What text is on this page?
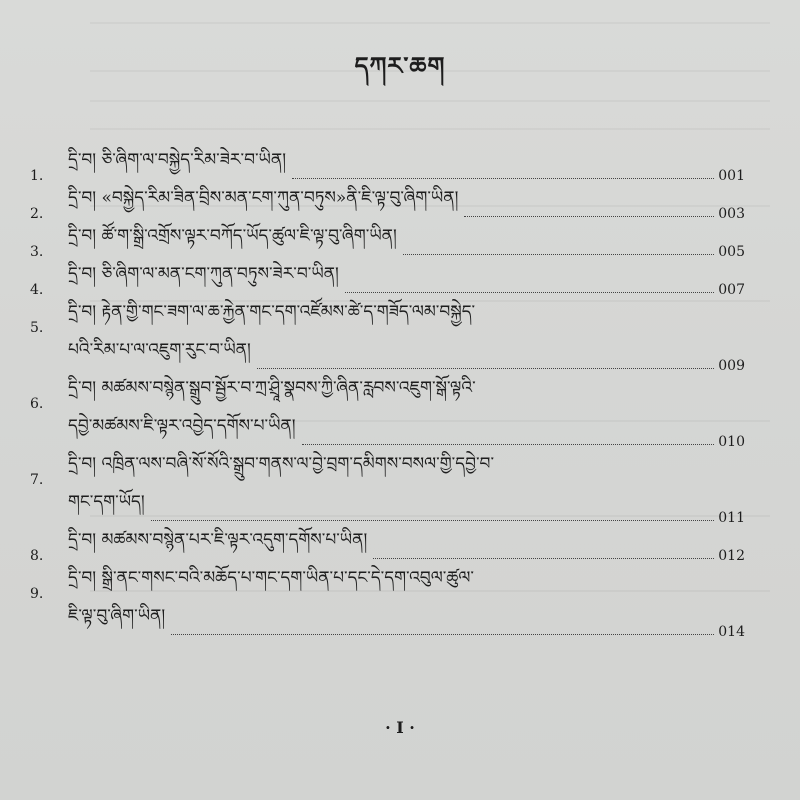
དཀར་ཆག
1.
དྲི་བ། ཅི་ཞིག་ལ་བསྐྱེད་རིམ་ཟེར་བ་ཡིན།
001
2.
དྲི་བ། «བསྐྱེད་རིམ་ཟིན་བྲིས་མན་ངག་ཀུན་བཏུས»ནི་ཇི་ལྟ་བུ་ཞིག་ཡིན།
003
3.
དྲི་བ། ཚོ་ག་སྒྲི་འགྲོས་ལྟར་བཀོད་ཡོད་ཚུལ་ཇི་ལྟ་བུ་ཞིག་ཡིན།
005
4.
དྲི་བ། ཅི་ཞིག་ལ་མན་ངག་ཀུན་བཏུས་ཟེར་བ་ཡིན།
007
5.
དྲི་བ། རྟེན་གྱི་གང་ཟག་ལ་ཆ་རྐྱེན་གང་དག་འཛོམས་ཚེ་ད་གཟོད་ལམ་བསྐྱེད་
པའི་རིམ་པ་ལ་འཇུག་རུང་བ་ཡིན།
009
6.
དྲི་བ། མཚམས་བསྙེན་སྒྲུབ་སྦྱོར་བ་ཀྲ་ཤྲཱི་སྣབས་ཀྱི་ཞིན་རླབས་འཇུག་སྒོ་ལྟའི་
དབྱེ་མཚམས་ཇི་ལྟར་འབྱེད་དགོས་པ་ཡིན།
010
7.
དྲི་བ། འཁྲིན་ལས་བཞི་སོ་སོའི་སྒྲུབ་གནས་ལ་བྱེ་བྲག་དམིགས་བསལ་གྱི་དབྱེ་བ་
གང་དག་ཡོད།
011
8.
དྲི་བ། མཚམས་བསྙེན་པར་ཇི་ལྟར་འདུག་དགོས་པ་ཡིན།
012
9.
དྲི་བ། སྒྲི་ནང་གསང་བའི་མཆོད་པ་གང་དག་ཡིན་པ་དང་དེ་དག་འབུལ་ཚུལ་
ཇི་ལྟ་བུ་ཞིག་ཡིན།
014
· I ·
